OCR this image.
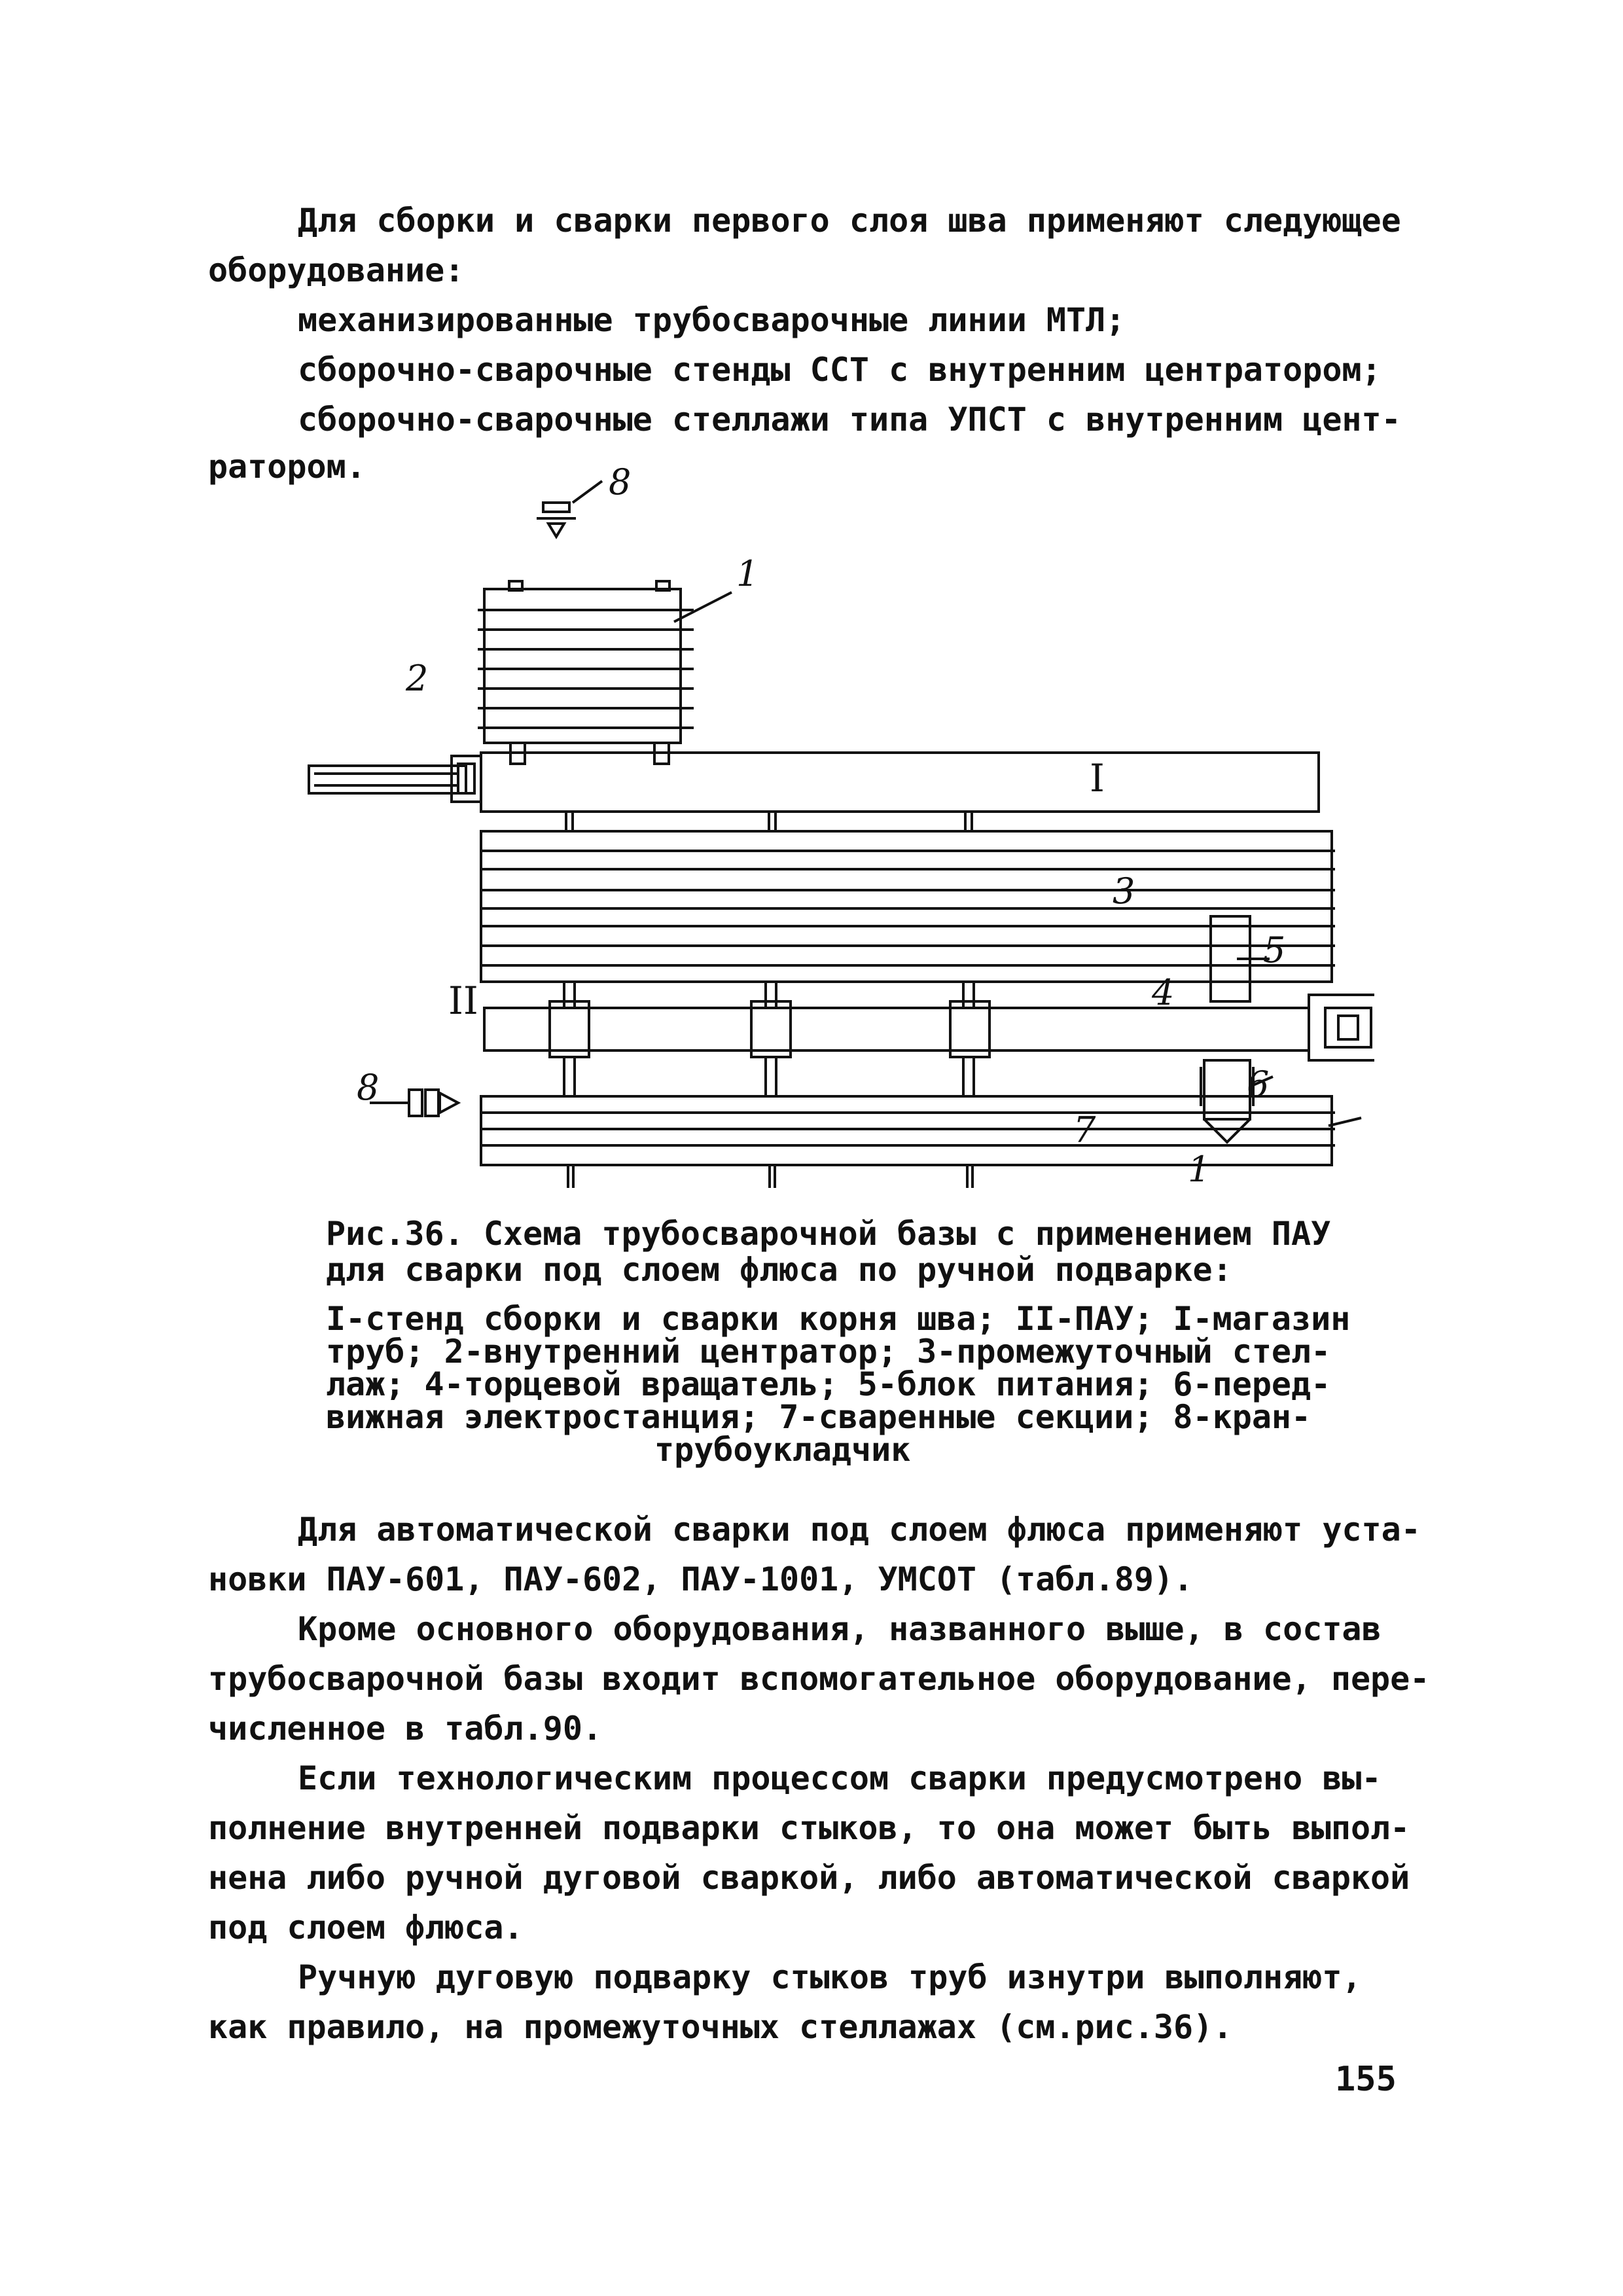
Для сборки и сварки первого слоя шва применяют следующее

оборудование:

механизированные трубосварочные линии МТЛ;

сборочно-сварочные стенды ССТ с внутренним центратором;

сборочно-сварочные стеллажи типа УПСТ с внутренним цент-

ратором.	8
1
2
I
3
5
II	4
6
8
7
1

Рис.36. Схема трубосварочной базы с применением ПАУ

для сварки под слоем флюса по ручной подварке:

I-стенд сборки и сварки корня шва; II-ПАУ; I-магазин

труб; 2-внутренний центратор; 3-промежуточный стел-

лаж; 4-торцевой вращатель; 5-блок питания; 6-перед-

вижная электростанция; 7-сваренные секции; 8-кран-

трубоукладчик

Для автоматической сварки под слоем флюса применяют уста-

новки ПАУ-601, ПАУ-602, ПАУ-1001, УМСОТ (табл.89).

Кроме основного оборудования, названного выше, в состав

трубосварочной базы входит вспомогательное оборудование, пере-

численное в табл.90.

Если технологическим процессом сварки предусмотрено вы-

полнение внутренней подварки стыков, то она может быть выпол-

нена либо ручной дуговой сваркой, либо автоматической сваркой

под слоем флюса.

Ручную дуговую подварку стыков труб изнутри выполняют,

как правило, на промежуточных стеллажах (см.рис.36).

155
